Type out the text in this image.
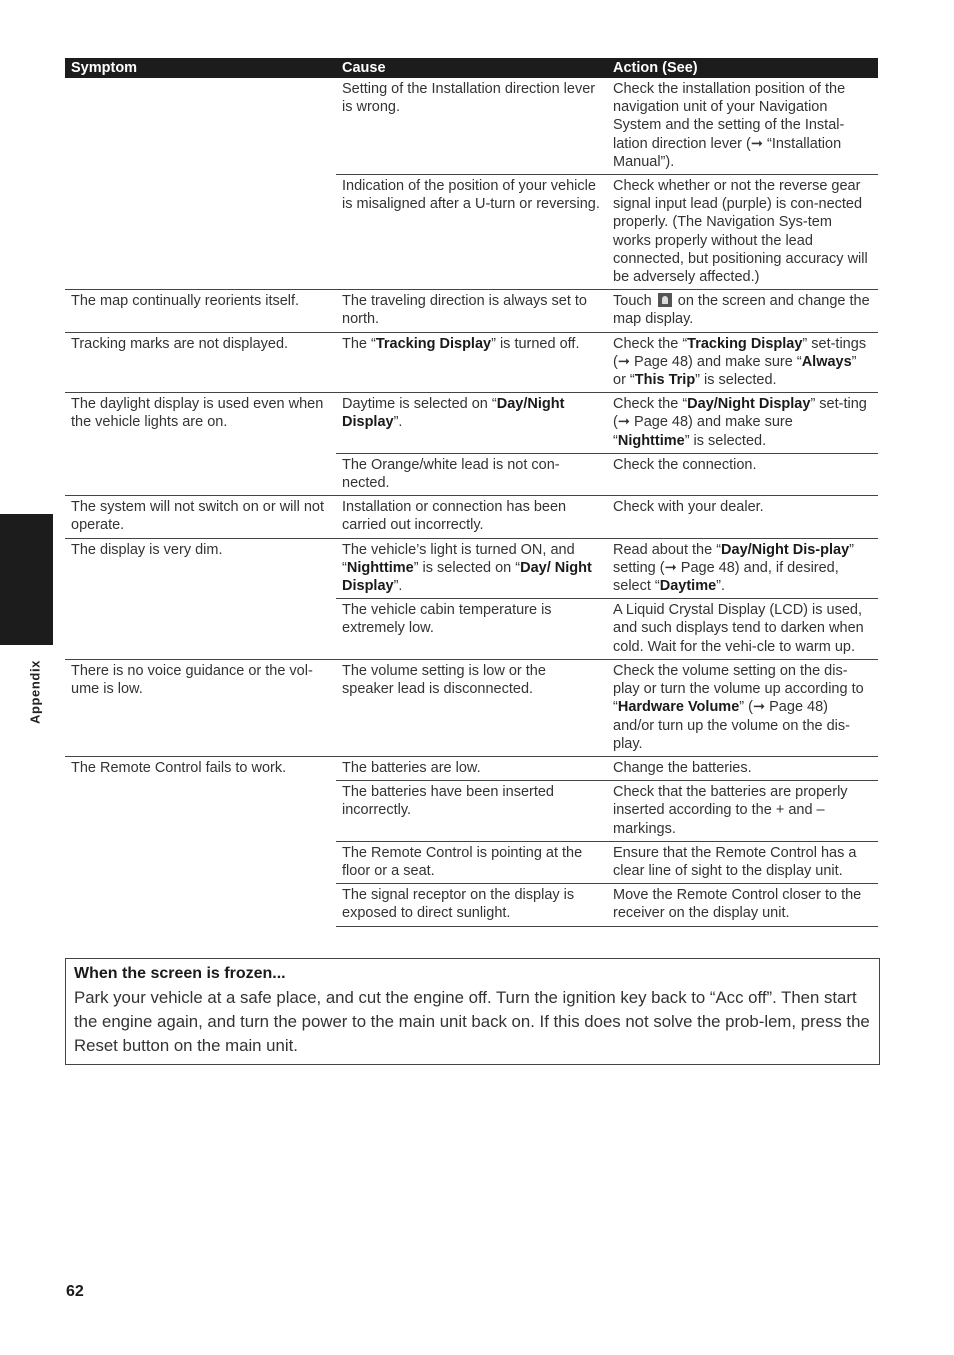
Symptom	Cause	Action (See)
	Setting of the Installation direction lever is wrong.	Check the installation position of the navigation unit of your Navigation System and the setting of the Instal-lation direction lever (➞ “Installation Manual”).
	Indication of the position of your vehicle is misaligned after a U-turn or reversing.	Check whether or not the reverse gear signal input lead (purple) is con-nected properly. (The Navigation Sys-tem works properly without the lead connected, but positioning accuracy will be adversely affected.)
The map continually reorients itself.	The traveling direction is always set to north.	Touch on the screen and change the map display.
Tracking marks are not displayed.	The “Tracking Display” is turned off.	Check the “Tracking Display” set-tings (➞ Page 48) and make sure “Always” or “This Trip” is selected.
The daylight display is used even when the vehicle lights are on.	Daytime is selected on “Day/Night Display”.	Check the “Day/Night Display” set-ting (➞ Page 48) and make sure “Nighttime” is selected.
	The Orange/white lead is not con-nected.	Check the connection.
The system will not switch on or will not operate.	Installation or connection has been carried out incorrectly.	Check with your dealer.
The display is very dim.	The vehicle’s light is turned ON, and “Nighttime” is selected on “Day/ Night Display”.	Read about the “Day/Night Dis-play” setting (➞ Page 48) and, if desired, select “Daytime”.
	The vehicle cabin temperature is extremely low.	A Liquid Crystal Display (LCD) is used, and such displays tend to darken when cold. Wait for the vehi-cle to warm up.
There is no voice guidance or the vol-ume is low.	The volume setting is low or the speaker lead is disconnected.	Check the volume setting on the dis-play or turn the volume up according to “Hardware Volume” (➞ Page 48) and/or turn up the volume on the dis-play.
The Remote Control fails to work.	The batteries are low.	Change the batteries.
	The batteries have been inserted incorrectly.	Check that the batteries are properly inserted according to the + and – markings.
	The Remote Control is pointing at the floor or a seat.	Ensure that the Remote Control has a clear line of sight to the display unit.
	The signal receptor on the display is exposed to direct sunlight.	Move the Remote Control closer to the receiver on the display unit.
Appendix
When the screen is frozen...
Park your vehicle at a safe place, and cut the engine off. Turn the ignition key back to “Acc off”. Then start the engine again, and turn the power to the main unit back on. If this does not solve the prob-lem, press the Reset button on the main unit.
62
